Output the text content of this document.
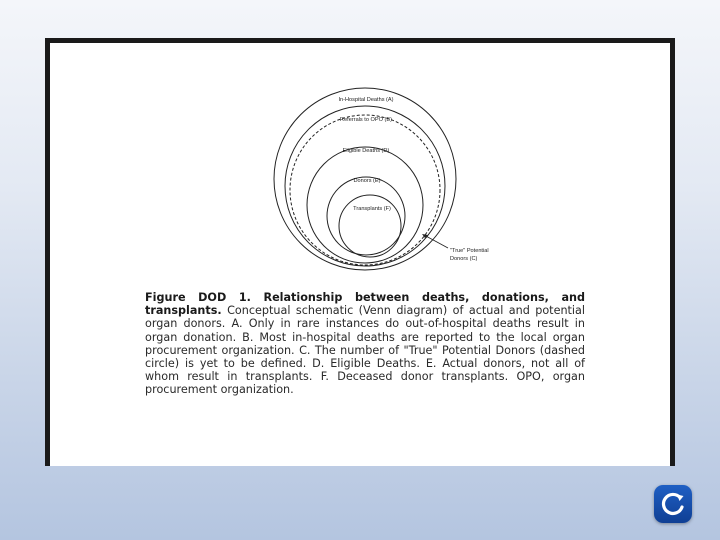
In-Hospital Deaths (A)
Referrals to OPO (B)
Eligible Deaths (D)
Donors (E)
Transplants (F)
"True" Potential
Donors (C)
Figure DOD 1. Relationship between deaths, donations, and transplants. Conceptual schematic (Venn diagram) of actual and potential organ donors. A. Only in rare instances do out-of-hospital deaths result in organ donation. B. Most in-hospital deaths are reported to the local organ procurement organization. C. The number of "True" Potential Donors (dashed circle) is yet to be defined. D. Eligible Deaths. E. Actual donors, not all of whom result in transplants. F. Deceased donor transplants. OPO, organ procurement organization.
